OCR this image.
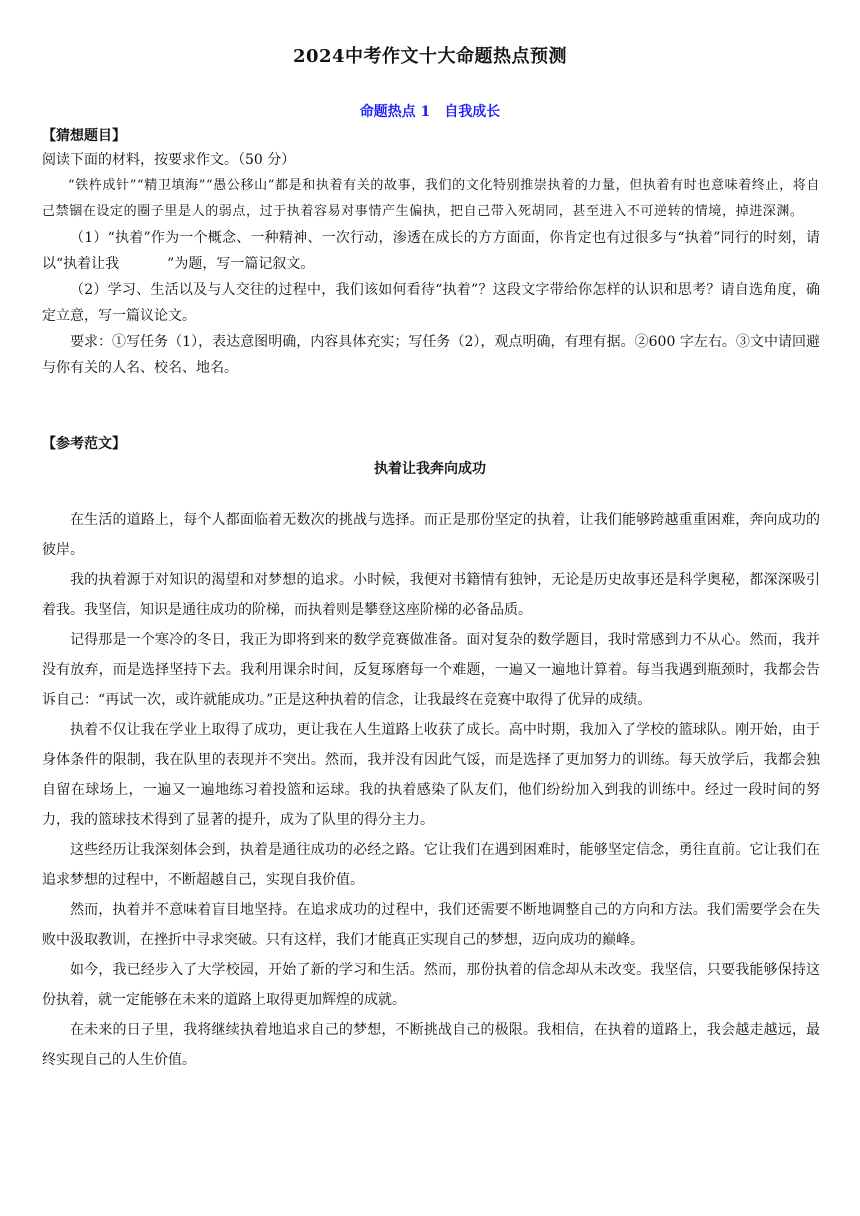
2024中考作文十大命题热点预测
命题热点 1 自我成长
【猜想题目】

阅读下面的材料，按要求作文。（50 分）

“铁杵成针”“精卫填海”“愚公移山”都是和执着有关的故事，我们的文化特别推崇执着的力量，但执着有时也意味着终止，将自己禁锢在设定的圈子里是人的弱点，过于执着容易对事情产生偏执，把自己带入死胡同，甚至进入不可逆转的情境，掉进深渊。

（1）“执着”作为一个概念、一种精神、一次行动，渗透在成长的方方面面，你肯定也有过很多与“执着”同行的时刻，请以“执着让我	”为题，写一篇记叙文。

（2）学习、生活以及与人交往的过程中，我们该如何看待“执着”？这段文字带给你怎样的认识和思考？请自选角度，确定立意，写一篇议论文。

要求：①写任务（1），表达意图明确，内容具体充实；写任务（2），观点明确，有理有据。②600 字左右。③文中请回避与你有关的人名、校名、地名。

【参考范文】
执着让我奔向成功

在生活的道路上，每个人都面临着无数次的挑战与选择。而正是那份坚定的执着，让我们能够跨越重重困难，奔向成功的彼岸。

我的执着源于对知识的渴望和对梦想的追求。小时候，我便对书籍情有独钟，无论是历史故事还是科学奥秘，都深深吸引着我。我坚信，知识是通往成功的阶梯，而执着则是攀登这座阶梯的必备品质。

记得那是一个寒冷的冬日，我正为即将到来的数学竞赛做准备。面对复杂的数学题目，我时常感到力不从心。然而，我并没有放弃，而是选择坚持下去。我利用课余时间，反复琢磨每一个难题，一遍又一遍地计算着。每当我遇到瓶颈时，我都会告诉自己：“再试一次，或许就能成功。”正是这种执着的信念，让我最终在竞赛中取得了优异的成绩。

执着不仅让我在学业上取得了成功，更让我在人生道路上收获了成长。高中时期，我加入了学校的篮球队。刚开始，由于身体条件的限制，我在队里的表现并不突出。然而，我并没有因此气馁，而是选择了更加努力的训练。每天放学后，我都会独自留在球场上，一遍又一遍地练习着投篮和运球。我的执着感染了队友们，他们纷纷加入到我的训练中。经过一段时间的努力，我的篮球技术得到了显著的提升，成为了队里的得分主力。

这些经历让我深刻体会到，执着是通往成功的必经之路。它让我们在遇到困难时，能够坚定信念，勇往直前。它让我们在追求梦想的过程中，不断超越自己，实现自我价值。

然而，执着并不意味着盲目地坚持。在追求成功的过程中，我们还需要不断地调整自己的方向和方法。我们需要学会在失败中汲取教训，在挫折中寻求突破。只有这样，我们才能真正实现自己的梦想，迈向成功的巅峰。

如今，我已经步入了大学校园，开始了新的学习和生活。然而，那份执着的信念却从未改变。我坚信，只要我能够保持这份执着，就一定能够在未来的道路上取得更加辉煌的成就。

在未来的日子里，我将继续执着地追求自己的梦想，不断挑战自己的极限。我相信，在执着的道路上，我会越走越远，最终实现自己的人生价值。
